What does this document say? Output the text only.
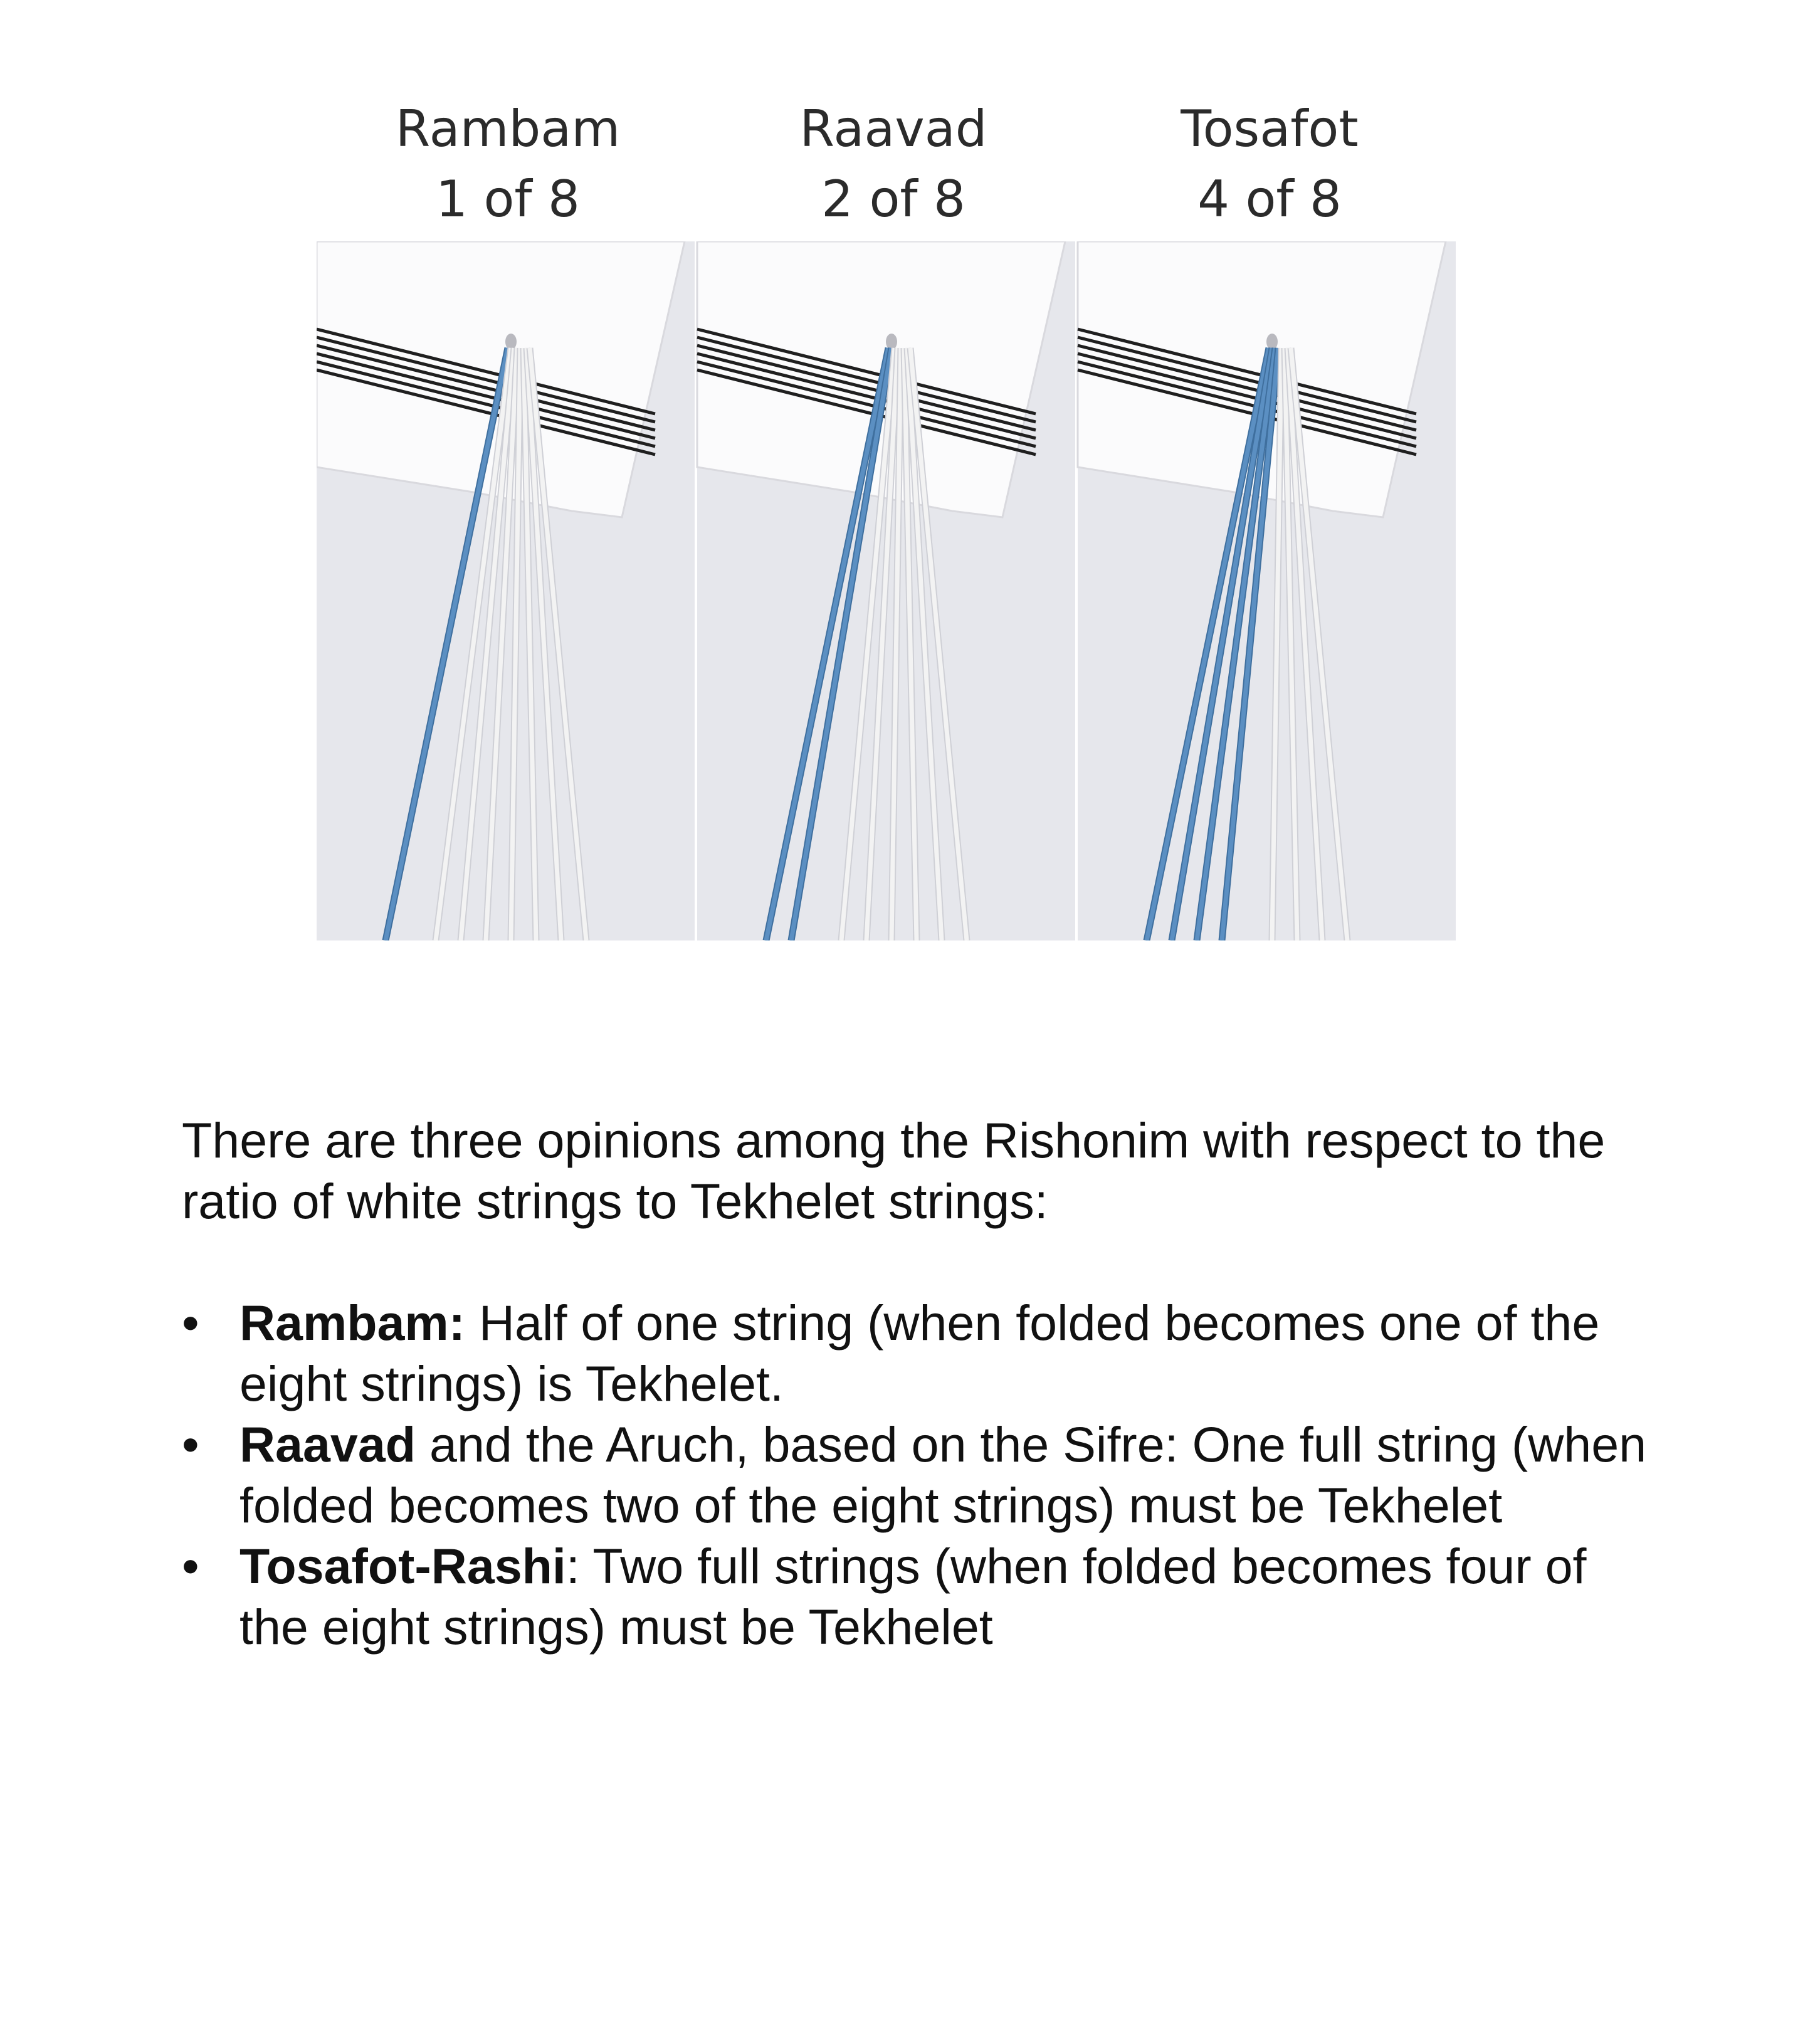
Rambam
1 of 8
Raavad
2 of 8
Tosafot
4 of 8

There are three opinions among the Rishonim with respect to the ratio of white strings to Tekhelet strings:

• Rambam: Half of one string (when folded becomes one of the eight strings) is Tekhelet.
• Raavad and the Aruch, based on the Sifre: One full string (when folded becomes two of the eight strings) must be Tekhelet
• Tosafot-Rashi: Two full strings (when folded becomes four of the eight strings) must be Tekhelet
